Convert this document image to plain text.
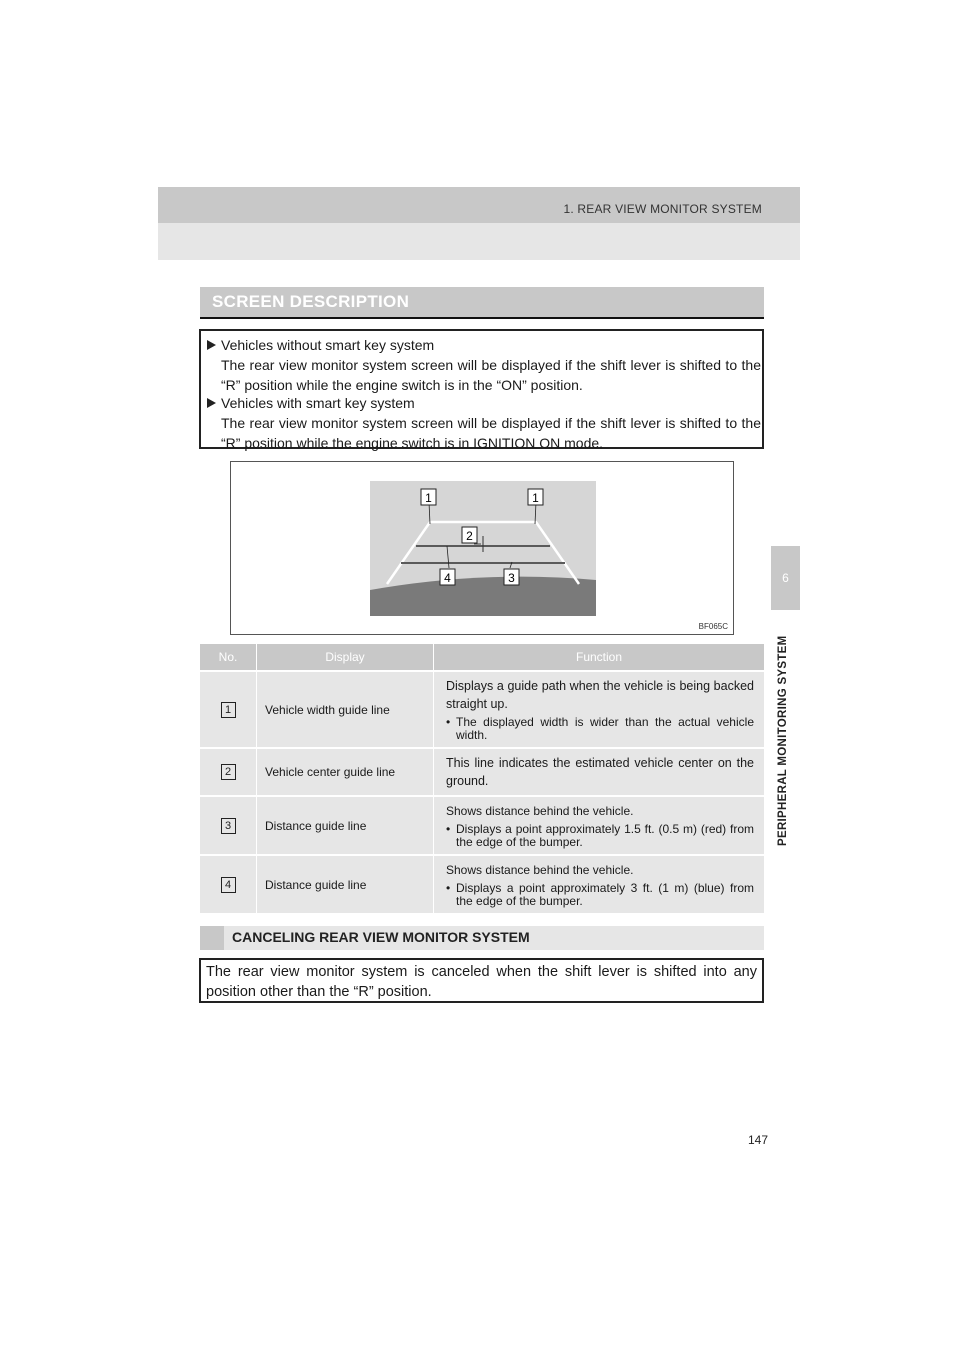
1. REAR VIEW MONITOR SYSTEM
6
PERIPHERAL MONITORING SYSTEM
SCREEN DESCRIPTION
Vehicles without smart key system
The rear view monitor system screen will be displayed if the shift lever is shifted to the “R” position while the engine switch is in the “ON” position.
Vehicles with smart key system
The rear view monitor system screen will be displayed if the shift lever is shifted to the “R” position while the engine switch is in IGNITION ON mode.
1	1
2
4	3
BF065C
No.	Display	Function
1	Vehicle width guide line	Displays a guide path when the vehicle is being backed straight up.
• The displayed width is wider than the actual vehicle width.

2	Vehicle center guide line	This line indicates the estimated vehicle center on the ground.

3	Distance guide line	Shows distance behind the vehicle.
• Displays a point approximately 1.5 ft. (0.5 m) (red) from the edge of the bumper.

4	Distance guide line	Shows distance behind the vehicle.
• Displays a point approximately 3 ft. (1 m) (blue) from the edge of the bumper.
CANCELING REAR VIEW MONITOR SYSTEM
The rear view monitor system is canceled when the shift lever is shifted into any position other than the “R” position.
147
